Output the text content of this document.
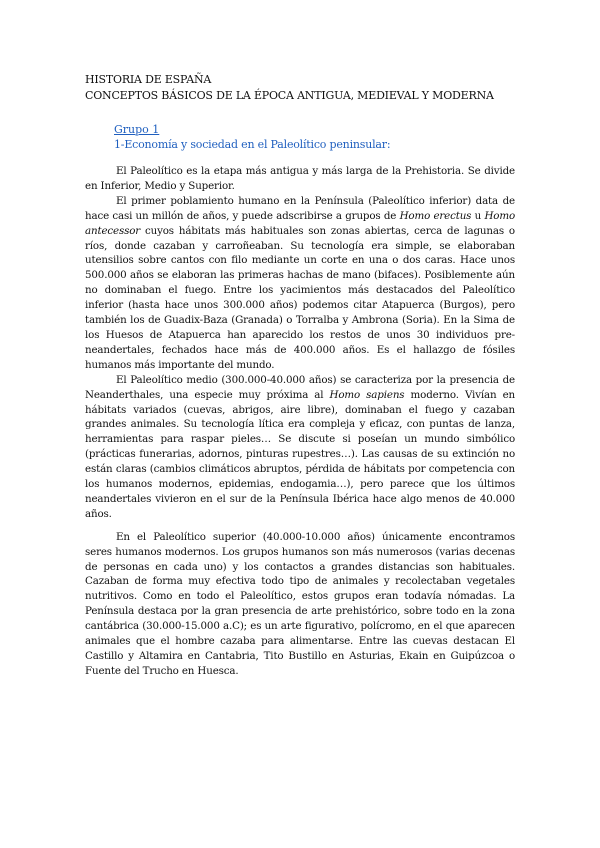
HISTORIA DE ESPAÑA
CONCEPTOS BÁSICOS DE LA ÉPOCA ANTIGUA, MEDIEVAL Y MODERNA
Grupo 1
1-Economía y sociedad en el Paleolítico peninsular:

El Paleolítico es la etapa más antigua y más larga de la Prehistoria. Se divide en Inferior, Medio y Superior.

El primer poblamiento humano en la Península (Paleolítico inferior) data de hace casi un millón de años, y puede adscribirse a grupos de Homo erectus u Homo antecessor cuyos hábitats más habituales son zonas abiertas, cerca de lagunas o ríos, donde cazaban y carroñeaban. Su tecnología era simple, se elaboraban utensilios sobre cantos con filo mediante un corte en una o dos caras. Hace unos 500.000 años se elaboran las primeras hachas de mano (bifaces). Posiblemente aún no dominaban el fuego. Entre los yacimientos más destacados del Paleolítico inferior (hasta hace unos 300.000 años) podemos citar Atapuerca (Burgos), pero también los de Guadix-Baza (Granada) o Torralba y Ambrona (Soria). En la Sima de los Huesos de Atapuerca han aparecido los restos de unos 30 individuos pre-neandertales, fechados hace más de 400.000 años. Es el hallazgo de fósiles humanos más importante del mundo.

El Paleolítico medio (300.000-40.000 años) se caracteriza por la presencia de Neanderthales, una especie muy próxima al Homo sapiens moderno. Vivían en hábitats variados (cuevas, abrigos, aire libre), dominaban el fuego y cazaban grandes animales. Su tecnología lítica era compleja y eficaz, con puntas de lanza, herramientas para raspar pieles… Se discute si poseían un mundo simbólico (prácticas funerarias, adornos, pinturas rupestres…). Las causas de su extinción no están claras (cambios climáticos abruptos, pérdida de hábitats por competencia con los humanos modernos, epidemias, endogamia…), pero parece que los últimos neandertales vivieron en el sur de la Península Ibérica hace algo menos de 40.000 años.

En el Paleolítico superior (40.000-10.000 años) únicamente encontramos seres humanos modernos. Los grupos humanos son más numerosos (varias decenas de personas en cada uno) y los contactos a grandes distancias son habituales. Cazaban de forma muy efectiva todo tipo de animales y recolectaban vegetales nutritivos. Como en todo el Paleolítico, estos grupos eran todavía nómadas. La Península destaca por la gran presencia de arte prehistórico, sobre todo en la zona cantábrica (30.000-15.000 a.C); es un arte figurativo, polícromo, en el que aparecen animales que el hombre cazaba para alimentarse. Entre las cuevas destacan El Castillo y Altamira en Cantabria, Tito Bustillo en Asturias, Ekain en Guipúzcoa o Fuente del Trucho en Huesca.
